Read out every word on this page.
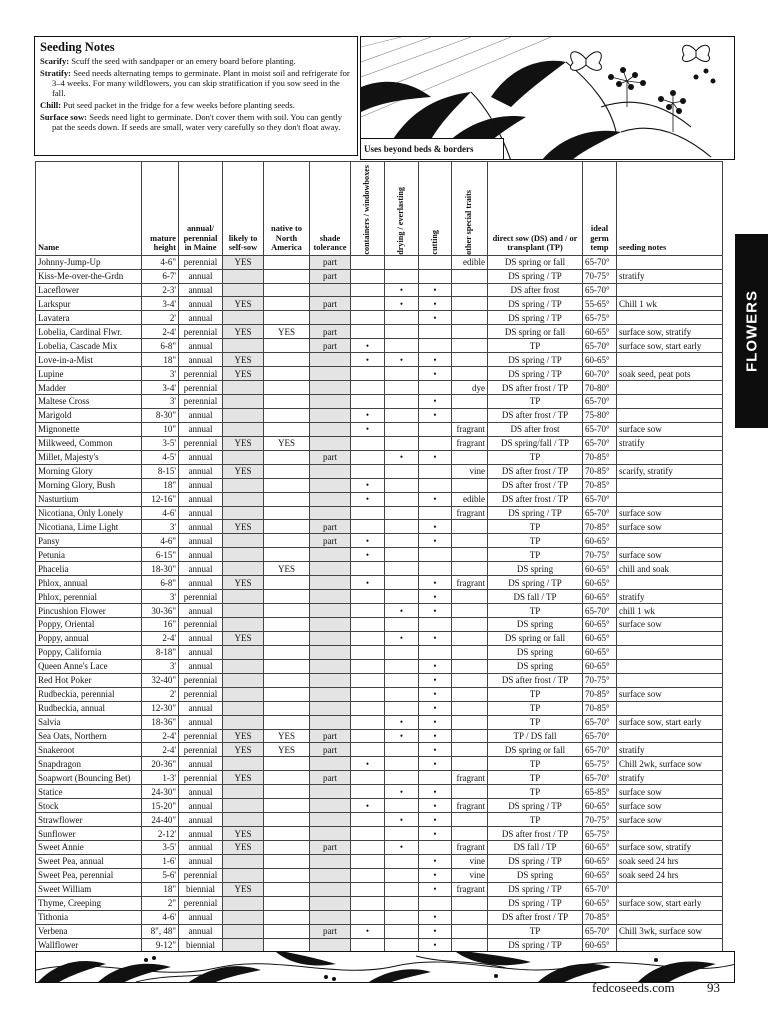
Seeding Notes
Scarify: Scuff the seed with sandpaper or an emery board before planting.
Stratify: Seed needs alternating temps to germinate. Plant in moist soil and refrigerate for 3–4 weeks. For many wildflowers, you can skip stratification if you sow seed in the fall.
Chill: Put seed packet in the fridge for a few weeks before planting seeds.
Surface sow: Seeds need light to germinate. Don't cover them with soil. You can gently pat the seeds down. If seeds are small, water very carefully so they don't float away.
Uses beyond beds & borders
Name	mature height	annual/ perennial in Maine	likely to self-sow	native to North America	shade tolerance	containers / windowboxes	drying / everlasting	cutting	other special traits	direct sow (DS) and / or transplant (TP)	ideal germ temp	seeding notes
Johnny-Jump-Up	4-6"	perennial	YES		part				edible	DS spring or fall	65-70°	
Kiss-Me-over-the-Grdn	6-7'	annual			part					DS spring / TP	70-75°	stratify
Laceflower	2-3'	annual					•	•		DS after frost	65-70°	
Larkspur	3-4'	annual	YES		part		•	•		DS spring / TP	55-65°	Chill 1 wk
Lavatera	2'	annual						•		DS spring / TP	65-75°	
Lobelia, Cardinal Flwr.	2-4'	perennial	YES	YES	part					DS spring or fall	60-65°	surface sow, stratify
Lobelia, Cascade Mix	6-8"	annual			part	•				TP	65-70°	surface sow, start early
Love-in-a-Mist	18"	annual	YES			•	•	•		DS spring / TP	60-65°	
Lupine	3'	perennial	YES					•		DS spring / TP	60-70°	soak seed, peat pots
Madder	3-4'	perennial							dye	DS after frost / TP	70-80°	
Maltese Cross	3'	perennial						•		TP	65-70°	
Marigold	8-30"	annual				•		•		DS after frost / TP	75-80°	
Mignonette	10"	annual				•			fragrant	DS after frost	65-70°	surface sow
Milkweed, Common	3-5'	perennial	YES	YES					fragrant	DS spring/fall / TP	65-70°	stratify
Millet, Majesty's	4-5'	annual			part		•	•		TP	70-85°	
Morning Glory	8-15'	annual	YES						vine	DS after frost / TP	70-85°	scarify, stratify
Morning Glory, Bush	18"	annual				•				DS after frost / TP	70-85°	
Nasturtium	12-16"	annual				•		•	edible	DS after frost / TP	65-70°	
Nicotiana, Only Lonely	4-6'	annual							fragrant	DS spring / TP	65-70°	surface sow
Nicotiana, Lime Light	3'	annual	YES		part			•		TP	70-85°	surface sow
Pansy	4-6"	annual			part	•		•		TP	60-65°	
Petunia	6-15"	annual				•				TP	70-75°	surface sow
Phacelia	18-30"	annual		YES						DS spring	60-65°	chill and soak
Phlox, annual	6-8"	annual	YES			•		•	fragrant	DS spring / TP	60-65°	
Phlox, perennial	3'	perennial						•		DS fall / TP	60-65°	stratify
Pincushion Flower	30-36"	annual					•	•		TP	65-70°	chill 1 wk
Poppy, Oriental	16"	perennial								DS spring	60-65°	surface sow
Poppy, annual	2-4'	annual	YES				•	•		DS spring or fall	60-65°	
Poppy, California	8-18"	annual								DS spring	60-65°	
Queen Anne's Lace	3'	annual						•		DS spring	60-65°	
Red Hot Poker	32-40"	perennial						•		DS after frost / TP	70-75°	
Rudbeckia, perennial	2'	perennial						•		TP	70-85°	surface sow
Rudbeckia, annual	12-30"	annual						•		TP	70-85°	
Salvia	18-36"	annual					•	•		TP	65-70°	surface sow, start early
Sea Oats, Northern	2-4'	perennial	YES	YES	part		•	•		TP / DS fall	65-70°	
Snakeroot	2-4'	perennial	YES	YES	part			•		DS spring or fall	65-70°	stratify
Snapdragon	20-36"	annual				•		•		TP	65-75°	Chill 2wk, surface sow
Soapwort (Bouncing Bet)	1-3'	perennial	YES		part				fragrant	TP	65-70°	stratify
Statice	24-30"	annual					•	•		TP	65-85°	surface sow
Stock	15-20"	annual				•		•	fragrant	DS spring / TP	60-65°	surface sow
Strawflower	24-40"	annual					•	•		TP	70-75°	surface sow
Sunflower	2-12'	annual	YES					•		DS after frost / TP	65-75°	
Sweet Annie	3-5'	annual	YES		part		•		fragrant	DS fall / TP	60-65°	surface sow, stratify
Sweet Pea, annual	1-6'	annual						•	vine	DS spring / TP	60-65°	soak seed 24 hrs
Sweet Pea, perennial	5-6'	perennial						•	vine	DS spring	60-65°	soak seed 24 hrs
Sweet William	18"	biennial	YES					•	fragrant	DS spring / TP	65-70°	
Thyme, Creeping	2"	perennial								DS spring / TP	60-65°	surface sow, start early
Tithonia	4-6'	annual						•		DS after frost / TP	70-85°	
Verbena	8", 48"	annual			part	•		•		TP	65-70°	Chill 3wk, surface sow
Wallflower	9-12"	biennial						•		DS spring / TP	60-65°	

fedcoseeds.com 93
FLOWERS
